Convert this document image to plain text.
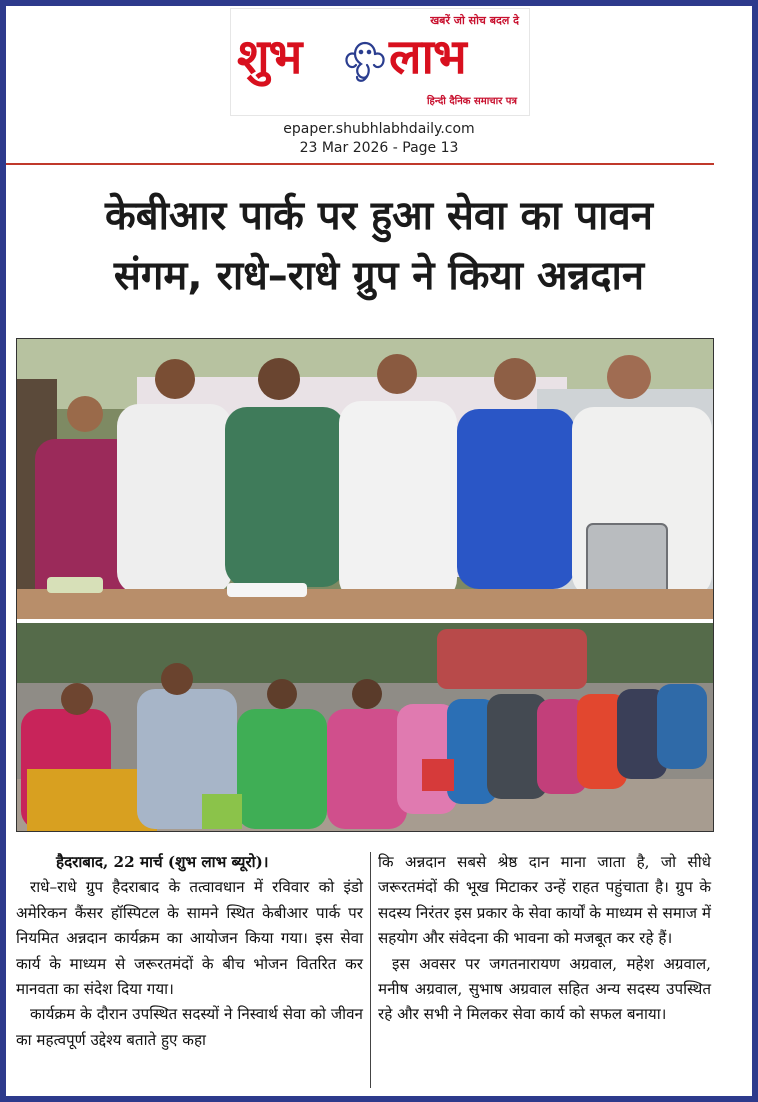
खबरें जो सोच बदल दे
शुभ लाभ
हिन्दी दैनिक समाचार पत्र
epaper.shubhlabhdaily.com
23 Mar 2026 - Page 13
केबीआर पार्क पर हुआ सेवा का पावन
संगम, राधे–राधे ग्रुप ने किया अन्नदान
हैदराबाद, 22 मार्च (शुभ लाभ ब्यूरो)।

राधे–राधे ग्रुप हैदराबाद के तत्वावधान में रविवार को इंडो अमेरिकन कैंसर हॉस्पिटल के सामने स्थित केबीआर पार्क पर नियमित अन्नदान कार्यक्रम का आयोजन किया गया। इस सेवा कार्य के माध्यम से जरूरतमंदों के बीच भोजन वितरित कर मानवता का संदेश दिया गया।

कार्यक्रम के दौरान उपस्थित सदस्यों ने निस्वार्थ सेवा को जीवन का महत्वपूर्ण उद्देश्य बताते हुए कहा

कि अन्नदान सबसे श्रेष्ठ दान माना जाता है, जो सीधे जरूरतमंदों की भूख मिटाकर उन्हें राहत पहुंचाता है। ग्रुप के सदस्य निरंतर इस प्रकार के सेवा कार्यों के माध्यम से समाज में सहयोग और संवेदना की भावना को मजबूत कर रहे हैं।

इस अवसर पर जगतनारायण अग्रवाल, महेश अग्रवाल, मनीष अग्रवाल, सुभाष अग्रवाल सहित अन्य सदस्य उपस्थित रहे और सभी ने मिलकर सेवा कार्य को सफल बनाया।
